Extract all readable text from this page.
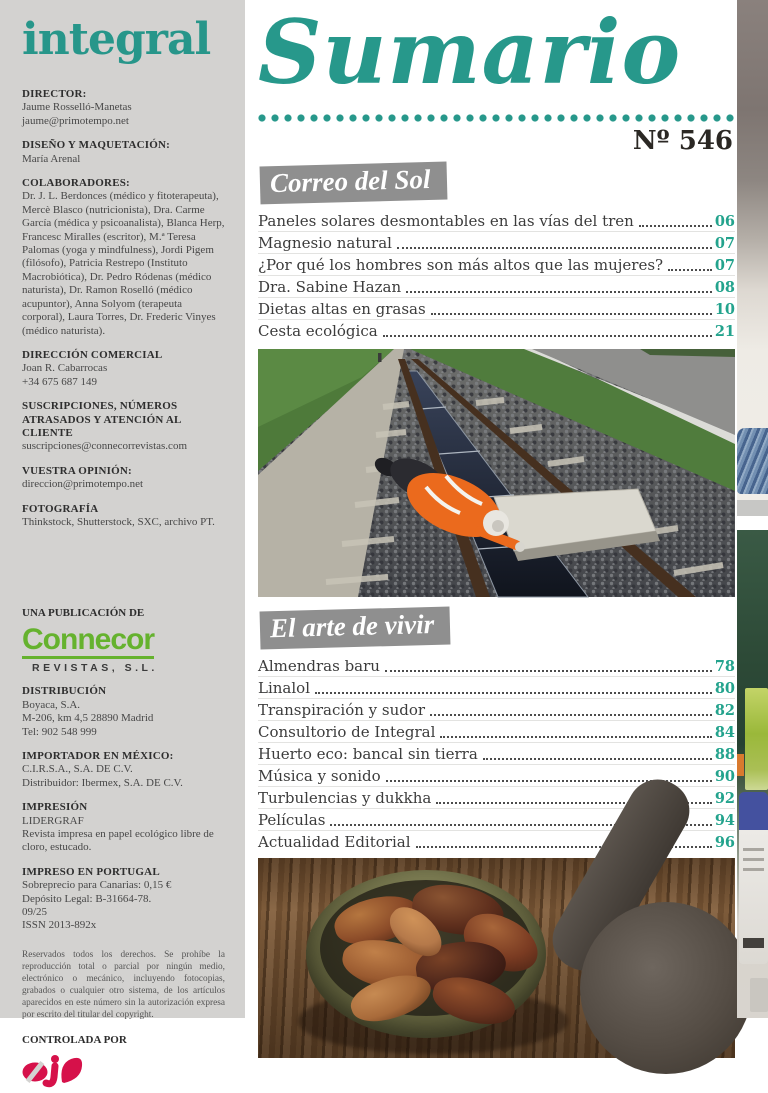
integral
DIRECTOR:
Jaume Rosselló-Manetas
jaume@primotempo.net
DISEÑO Y MAQUETACIÓN:
María Arenal
COLABORADORES:
Dr. J. L. Berdonces (médico y fitoterapeuta), Mercè Blasco (nutricionista), Dra. Carme García (médica y psicoanalista), Blanca Herp, Francesc Miralles (escritor), M.ª Teresa Palomas (yoga y mindfulness), Jordi Pigem (filósofo), Patricia Restrepo (Instituto Macrobiótica), Dr. Pedro Ródenas (médico naturista), Dr. Ramon Roselló (médico acupuntor), Anna Solyom (terapeuta corporal), Laura Torres, Dr. Frederic Vinyes (médico naturista).
DIRECCIÓN COMERCIAL
Joan R. Cabarrocas
+34 675 687 149
SUSCRIPCIONES, NÚMEROS ATRASADOS Y ATENCIÓN AL CLIENTE
suscripciones@connecorrevistas.com
VUESTRA OPINIÓN:
direccion@primotempo.net
FOTOGRAFÍA
Thinkstock, Shutterstock, SXC, archivo PT.
UNA PUBLICACIÓN DE
Connecor
REVISTAS, S.L.
DISTRIBUCIÓN
Boyaca, S.A.
M-206, km 4,5 28890 Madrid
Tel: 902 548 999
IMPORTADOR EN MÉXICO:
C.I.R.S.A., S.A. DE C.V.
Distribuidor: Ibermex, S.A. DE C.V.
IMPRESIÓN
LIDERGRAF
Revista impresa en papel ecológico libre de cloro, estucado.
IMPRESO EN PORTUGAL
Sobreprecio para Canarias: 0,15 €
Depósito Legal: B-31664-78.
09/25
ISSN 2013-892x

Reservados todos los derechos. Se prohíbe la reproducción total o parcial por ningún medio, electrónico o mecánico, incluyendo fotocopias, grabados o cualquier otro sistema, de los artículos aparecidos en este número sin la autorización expresa por escrito del titular del copyright.

CONTROLADA POR
Sumario
Nº 546
Correo del Sol
Paneles solares desmontables en las vías del tren	06
Magnesio natural	07
¿Por qué los hombres son más altos que las mujeres?	07
Dra. Sabine Hazan	08
Dietas altas en grasas	10
Cesta ecológica	21
El arte de vivir
Almendras baru	78
Linalol	80
Transpiración y sudor	82
Consultorio de Integral	84
Huerto eco: bancal sin tierra	88
Música y sonido	90
Turbulencias y dukkha	92
Películas	94
Actualidad Editorial	96
